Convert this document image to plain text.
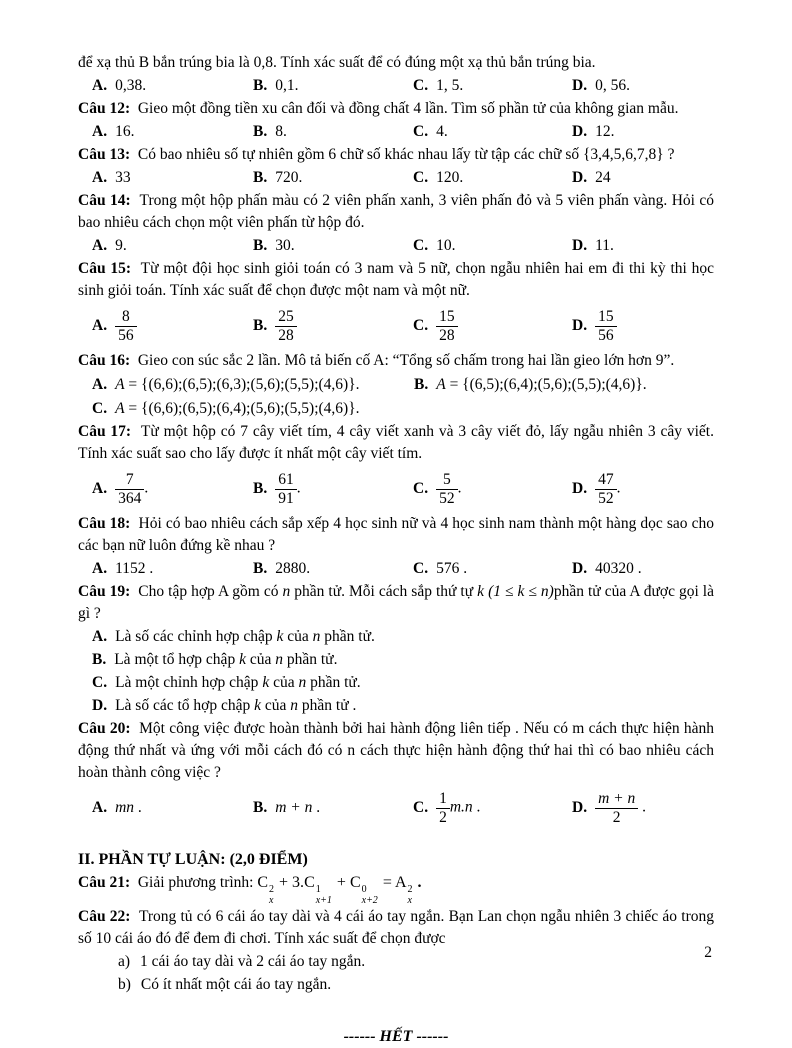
để xạ thủ B bắn trúng bia là 0,8. Tính xác suất để có đúng một xạ thủ bắn trúng bia.

A. 0,38.	B. 0,1.	C. 1, 5.	D. 0, 56.

Câu 12: Gieo một đồng tiền xu cân đối và đồng chất 4 lần. Tìm số phần tử của không gian mẫu.

A. 16.	B. 8.	C. 4.	D. 12.

Câu 13: Có bao nhiêu số tự nhiên gồm 6 chữ số khác nhau lấy từ tập các chữ số {3,4,5,6,7,8} ?

A. 33	B. 720.	C. 120.	D. 24

Câu 14: Trong một hộp phấn màu có 2 viên phấn xanh, 3 viên phấn đỏ và 5 viên phấn vàng. Hỏi có bao nhiêu cách chọn một viên phấn từ hộp đó.

A. 9.	B. 30.	C. 10.	D. 11.

Câu 15: Từ một đội học sinh giỏi toán có 3 nam và 5 nữ, chọn ngẫu nhiên hai em đi thi kỳ thi học sinh giỏi toán. Tính xác suất để chọn được một nam và một nữ.

A. $\frac{8}{56}$	B. $\frac{25}{28}$	C. $\frac{15}{28}$	D. $\frac{15}{56}$

Câu 16: Gieo con súc sắc 2 lần. Mô tả biến cố A: “Tổng số chấm trong hai lần gieo lớn hơn 9”.

A. A = {(6,6);(6,5);(6,3);(5,6);(5,5);(4,6)}.	B. A = {(6,5);(6,4);(5,6);(5,5);(4,6)}.
C. A = {(6,6);(6,5);(6,4);(5,6);(5,5);(4,6)}.

Câu 17: Từ một hộp có 7 cây viết tím, 4 cây viết xanh và 3 cây viết đỏ, lấy ngẫu nhiên 3 cây viết. Tính xác suất sao cho lấy được ít nhất một cây viết tím.

A. $\frac{7}{364}$ .	B. $\frac{61}{91}$ .	C. $\frac{5}{52}$ .	D. $\frac{47}{52}$ .

Câu 18: Hỏi có bao nhiêu cách sắp xếp 4 học sinh nữ và 4 học sinh nam thành một hàng dọc sao cho các bạn nữ luôn đứng kề nhau ?

A. 1152 .	B. 2880.	C. 576 .	D. 40320 .

Câu 19: Cho tập hợp A gồm có n phần tử. Mỗi cách sắp thứ tự k (1 ≤ k ≤ n)phần tử của A được gọi là gì ?

A. Là số các chỉnh hợp chập k của n phần tử.
B. Là một tổ hợp chập k của n phần tử.
C. Là một chỉnh hợp chập k của n phần tử.
D. Là số các tổ hợp chập k của n phần tử .

Câu 20: Một công việc được hoàn thành bởi hai hành động liên tiếp . Nếu có m cách thực hiện hành động thứ nhất và ứng với mỗi cách đó có n cách thực hiện hành động thứ hai thì có bao nhiêu cách hoàn thành công việc ?

A. mn .	B. m + n .	C. $\frac{1}{2} m.n$ .	D. $\frac{m + n}{2}$ .

II. PHẦN TỰ LUẬN: (2,0 ĐIỂM)

Câu 21: Giải phương trình: C 2
x
+ 3.C 1
x+1
+ C 0
x+2
= A 2
x
.

Câu 22: Trong tủ có 6 cái áo tay dài và 4 cái áo tay ngắn. Bạn Lan chọn ngẫu nhiên 3 chiếc áo trong số 10 cái áo đó để đem đi chơi. Tính xác suất để chọn được

a) 1 cái áo tay dài và 2 cái áo tay ngắn.
b) Có ít nhất một cái áo tay ngắn.

------ HẾT ------

2
